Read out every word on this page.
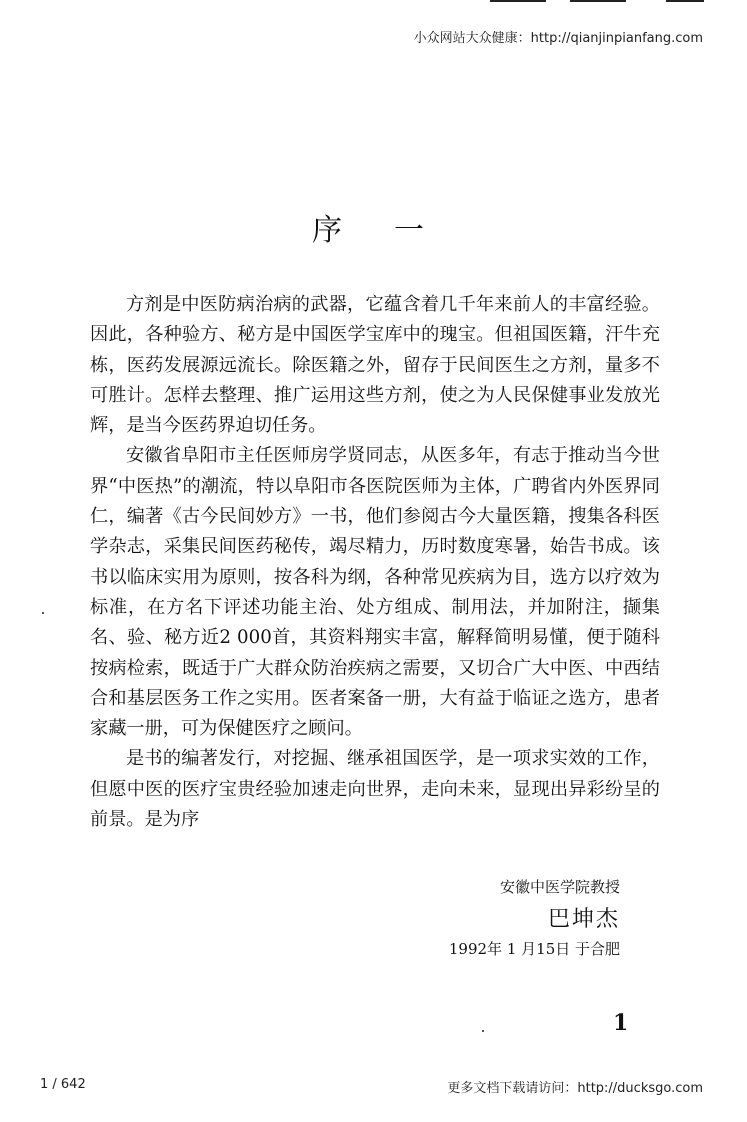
小众网站大众健康：http://qianjinpianfang.com
序一

方剂是中医防病治病的武器，它蕴含着几千年来前人的丰富经验。因此，各种验方、秘方是中国医学宝库中的瑰宝。但祖国医籍，汗牛充栋，医药发展源远流长。除医籍之外，留存于民间医生之方剂，量多不可胜计。怎样去整理、推广运用这些方剂，使之为人民保健事业发放光辉，是当今医药界迫切任务。

安徽省阜阳市主任医师房学贤同志，从医多年，有志于推动当今世界“中医热”的潮流，特以阜阳市各医院医师为主体，广聘省内外医界同仁，编著《古今民间妙方》一书，他们参阅古今大量医籍，搜集各科医学杂志，采集民间医药秘传，竭尽精力，历时数度寒暑，始告书成。该书以临床实用为原则，按各科为纲，各种常见疾病为目，选方以疗效为标准，在方名下评述功能主治、处方组成、制用法，并加附注，撷集名、验、秘方近2 000首，其资料翔实丰富，解释简明易懂，便于随科按病检索，既适于广大群众防治疾病之需要，又切合广大中医、中西结合和基层医务工作之实用。医者案备一册，大有益于临证之选方，患者家藏一册，可为保健医疗之顾问。

是书的编著发行，对挖掘、继承祖国医学，是一项求实效的工作，但愿中医的医疗宝贵经验加速走向世界，走向未来，显现出异彩纷呈的前景。是为序

安徽中医学院教授
巴坤杰
1992年 1 月15日 于合肥
1
1 / 642	更多文档下载请访问：http://ducksgo.com
